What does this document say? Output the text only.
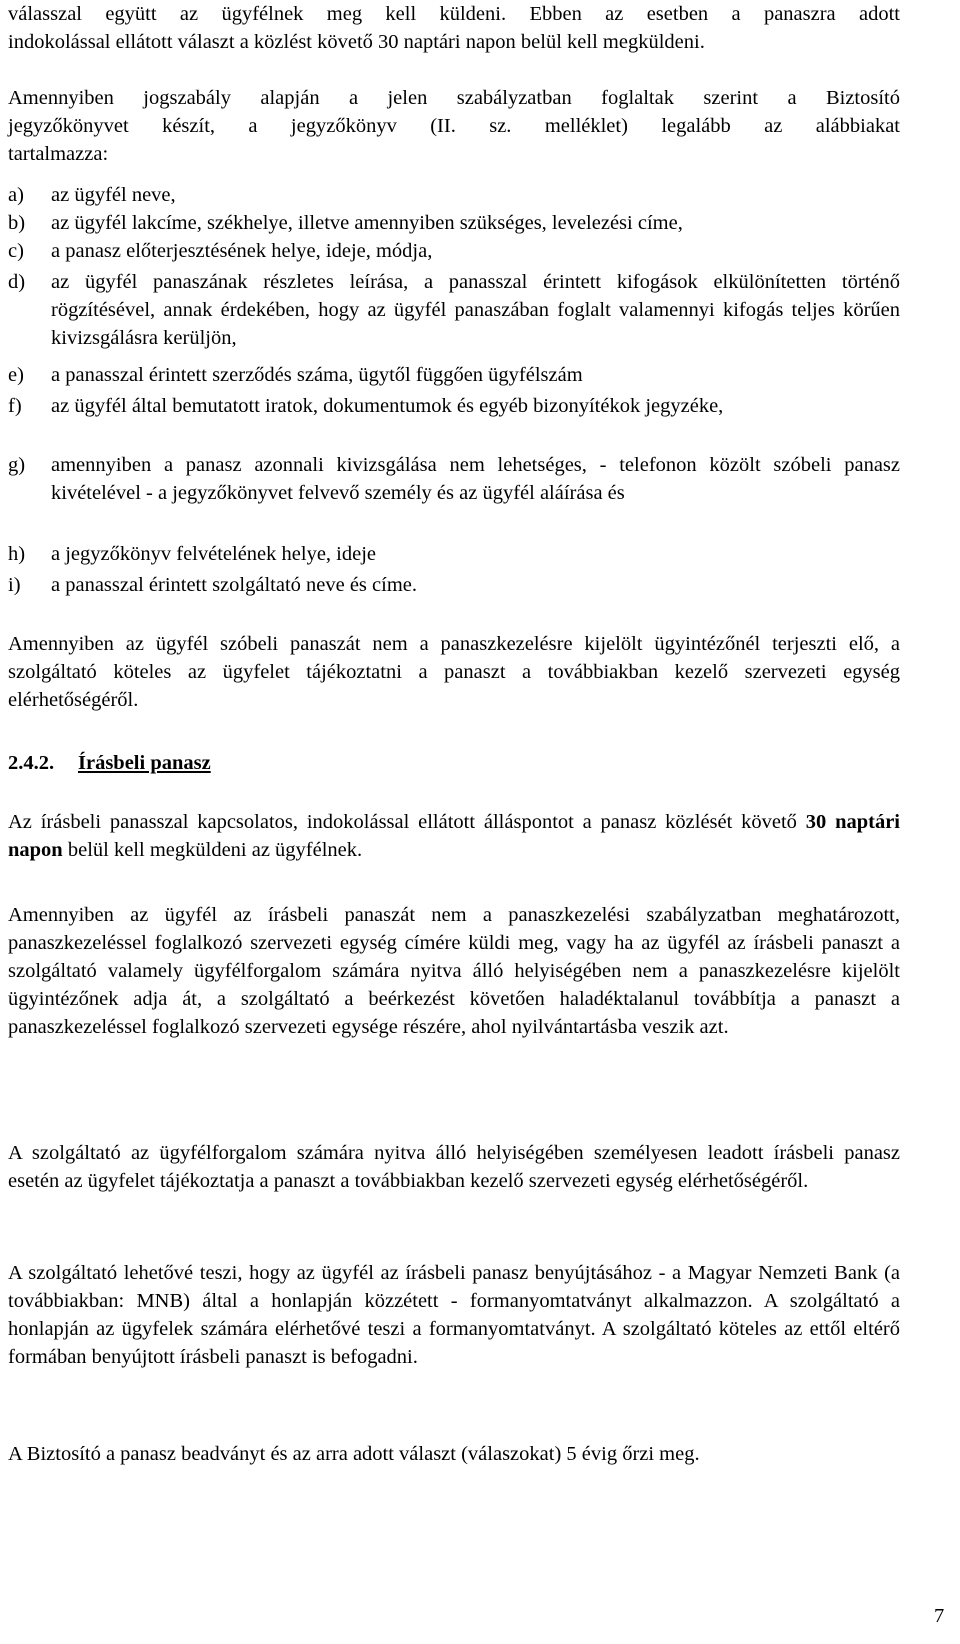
válasszal együtt az ügyfélnek meg kell küldeni. Ebben az esetben a panaszra adott
indokolással ellátott választ a közlést követő 30 naptári napon belül kell megküldeni.

Amennyiben jogszabály alapján a jelen szabályzatban foglaltak szerint a Biztosító
jegyzőkönyvet készít, a jegyzőkönyv (II. sz. melléklet) legalább az alábbiakat
tartalmazza:

a)	az ügyfél neve,
b)	az ügyfél lakcíme, székhelye, illetve amennyiben szükséges, levelezési címe,
c)	a panasz előterjesztésének helye, ideje, módja,
d)	az ügyfél panaszának részletes leírása, a panasszal érintett kifogások elkülönítetten történő rögzítésével, annak érdekében, hogy az ügyfél panaszában foglalt valamennyi kifogás teljes körűen kivizsgálásra kerüljön,
e)	a panasszal érintett szerződés száma, ügytől függően ügyfélszám
f)	az ügyfél által bemutatott iratok, dokumentumok és egyéb bizonyítékok jegyzéke,
g)	amennyiben a panasz azonnali kivizsgálása nem lehetséges, - telefonon közölt szóbeli panasz kivételével - a jegyzőkönyvet felvevő személy és az ügyfél aláírása és
h)	a jegyzőkönyv felvételének helye, ideje
i)	a panasszal érintett szolgáltató neve és címe.

Amennyiben az ügyfél szóbeli panaszát nem a panaszkezelésre kijelölt ügyintézőnél terjeszti elő, a szolgáltató köteles az ügyfelet tájékoztatni a panaszt a továbbiakban kezelő szervezeti egység elérhetőségéről.

2.4.2. Írásbeli panasz

Az írásbeli panasszal kapcsolatos, indokolással ellátott álláspontot a panasz közlését követő 30 naptári napon belül kell megküldeni az ügyfélnek.

Amennyiben az ügyfél az írásbeli panaszát nem a panaszkezelési szabályzatban meghatározott, panaszkezeléssel foglalkozó szervezeti egység címére küldi meg, vagy ha az ügyfél az írásbeli panaszt a szolgáltató valamely ügyfélforgalom számára nyitva álló helyiségében nem a panaszkezelésre kijelölt ügyintézőnek adja át, a szolgáltató a beérkezést követően haladéktalanul továbbítja a panaszt a panaszkezeléssel foglalkozó szervezeti egysége részére, ahol nyilvántartásba veszik azt.

A szolgáltató az ügyfélforgalom számára nyitva álló helyiségében személyesen leadott írásbeli panasz esetén az ügyfelet tájékoztatja a panaszt a továbbiakban kezelő szervezeti egység elérhetőségéről.

A szolgáltató lehetővé teszi, hogy az ügyfél az írásbeli panasz benyújtásához - a Magyar Nemzeti Bank (a továbbiakban: MNB) által a honlapján közzétett - formanyomtatványt alkalmazzon. A szolgáltató a honlapján az ügyfelek számára elérhetővé teszi a formanyomtatványt. A szolgáltató köteles az ettől eltérő formában benyújtott írásbeli panaszt is befogadni.

A Biztosító a panasz beadványt és az arra adott választ (válaszokat) 5 évig őrzi meg.

7
